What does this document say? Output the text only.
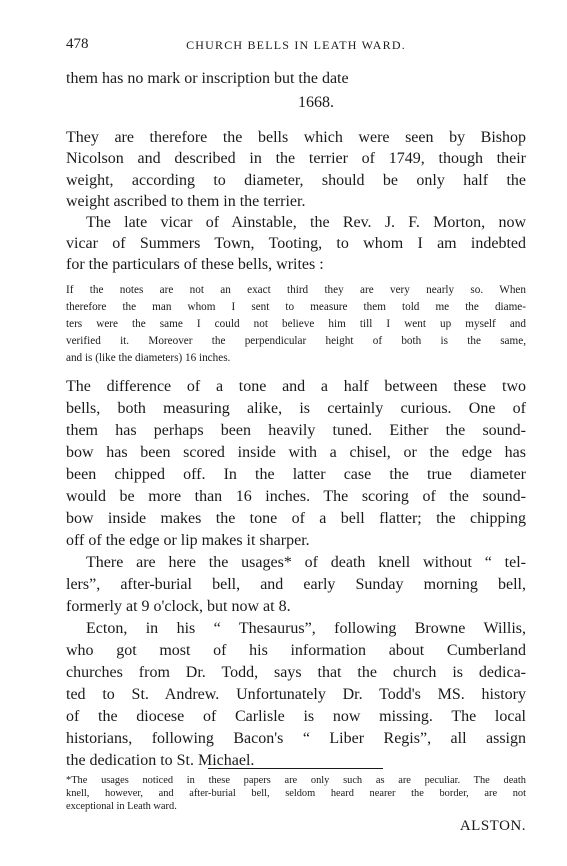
478	CHURCH BELLS IN LEATH WARD.
them has no mark or inscription but the date
1668.
They are therefore the bells which were seen by Bishop
Nicolson and described in the terrier of 1749, though their
weight, according to diameter, should be only half the
weight ascribed to them in the terrier.
The late vicar of Ainstable, the Rev. J. F. Morton, now
vicar of Summers Town, Tooting, to whom I am indebted
for the particulars of these bells, writes :
If the notes are not an exact third they are very nearly so. When
therefore the man whom I sent to measure them told me the diame-
ters were the same I could not believe him till I went up myself and
verified it. Moreover the perpendicular height of both is the same,
and is (like the diameters) 16 inches.
The difference of a tone and a half between these two
bells, both measuring alike, is certainly curious. One of
them has perhaps been heavily tuned. Either the sound-
bow has been scored inside with a chisel, or the edge has
been chipped off. In the latter case the true diameter
would be more than 16 inches. The scoring of the sound-
bow inside makes the tone of a bell flatter; the chipping
off of the edge or lip makes it sharper.
There are here the usages* of death knell without “ tel-
lers”, after-burial bell, and early Sunday morning bell,
formerly at 9 o'clock, but now at 8.
Ecton, in his “ Thesaurus”, following Browne Willis,
who got most of his information about Cumberland
churches from Dr. Todd, says that the church is dedica-
ted to St. Andrew. Unfortunately Dr. Todd's MS. history
of the diocese of Carlisle is now missing. The local
historians, following Bacon's “ Liber Regis”, all assign
the dedication to St. Michael.
*The usages noticed in these papers are only such as are peculiar. The death
knell, however, and after-burial bell, seldom heard nearer the border, are not
exceptional in Leath ward.
ALSTON.
